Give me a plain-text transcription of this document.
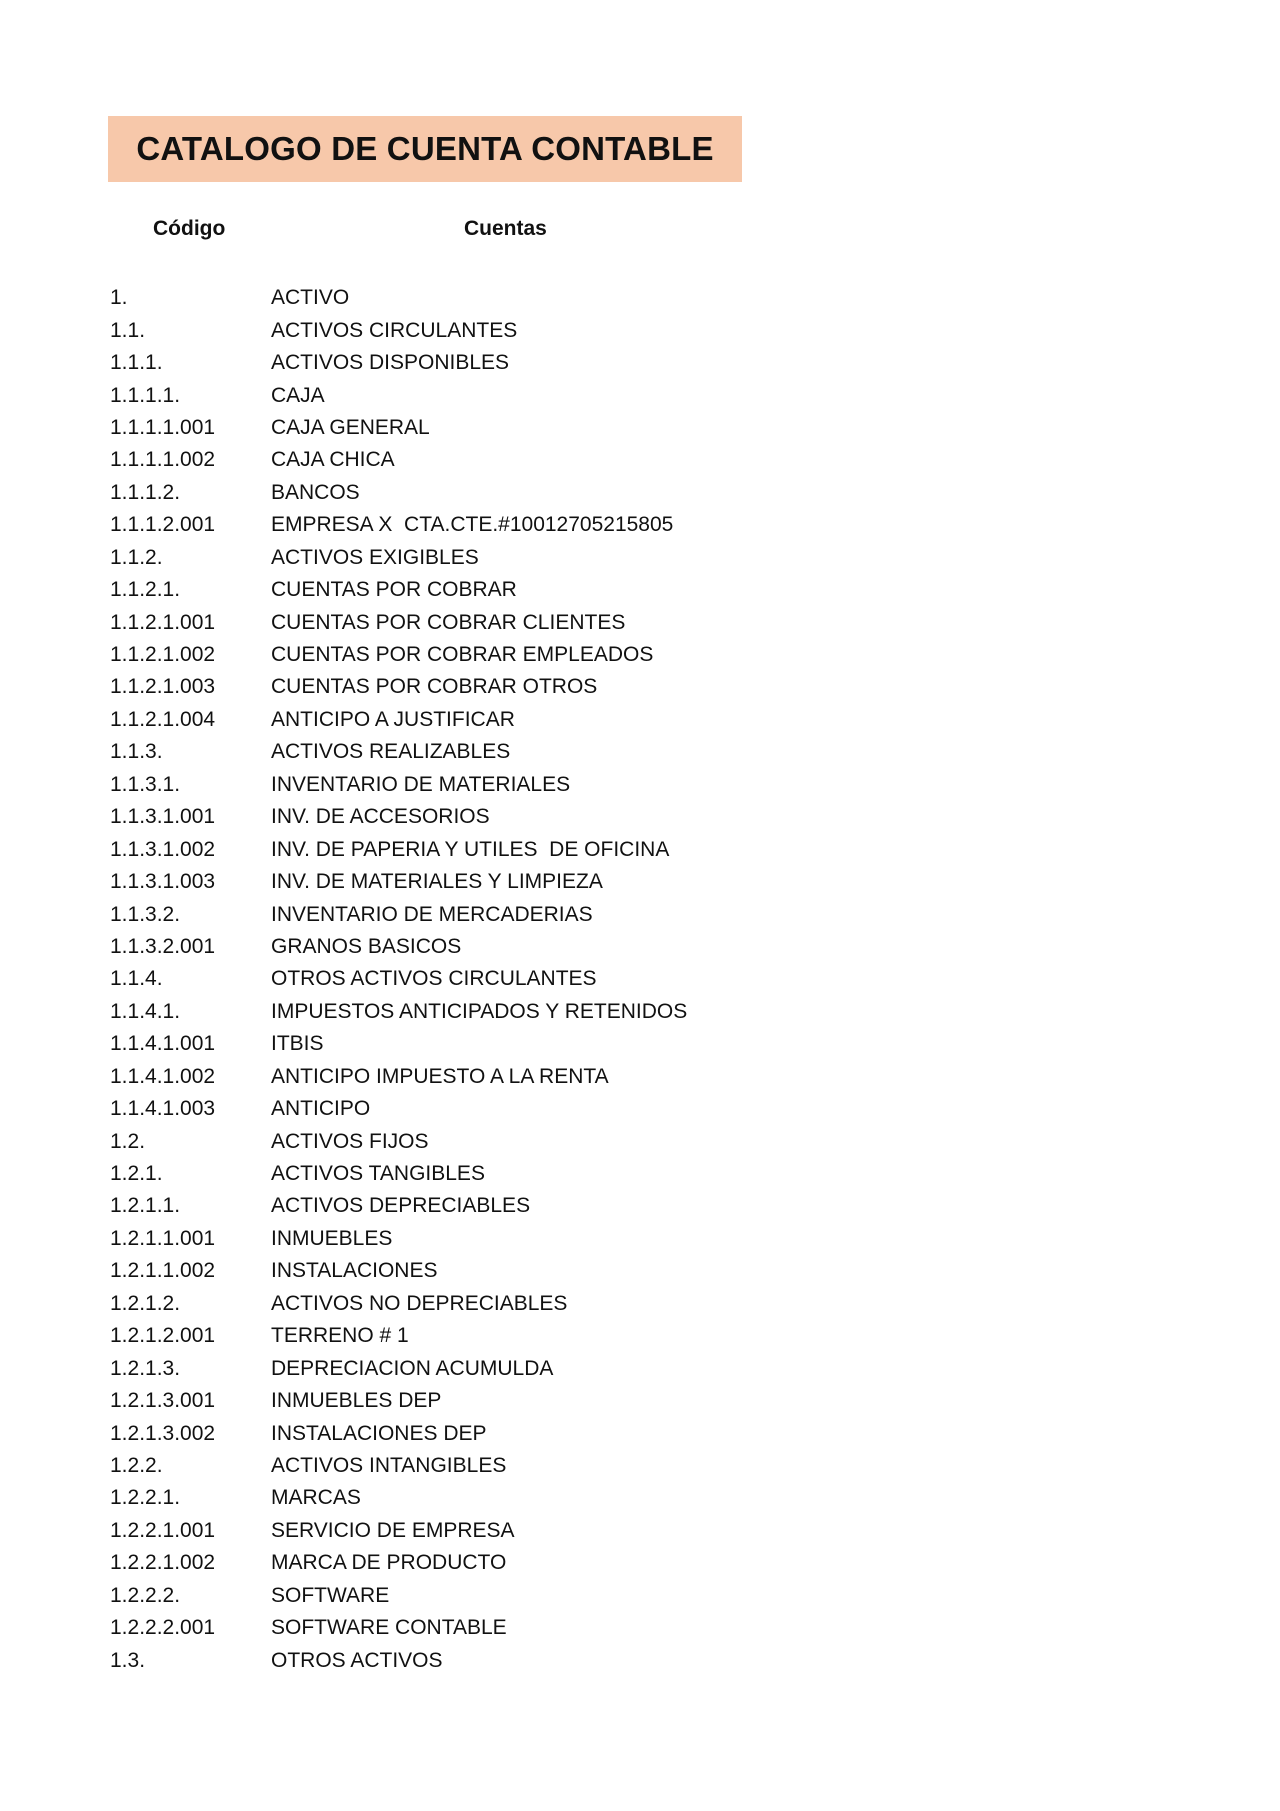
CATALOGO DE CUENTA CONTABLE
Código	Cuentas
1.	ACTIVO
1.1.	ACTIVOS CIRCULANTES
1.1.1.	ACTIVOS DISPONIBLES
1.1.1.1.	CAJA
1.1.1.1.001	CAJA GENERAL
1.1.1.1.002	CAJA CHICA
1.1.1.2.	BANCOS
1.1.1.2.001	EMPRESA X  CTA.CTE.#10012705215805
1.1.2.	ACTIVOS EXIGIBLES
1.1.2.1.	CUENTAS POR COBRAR
1.1.2.1.001	CUENTAS POR COBRAR CLIENTES
1.1.2.1.002	CUENTAS POR COBRAR EMPLEADOS
1.1.2.1.003	CUENTAS POR COBRAR OTROS
1.1.2.1.004	ANTICIPO A JUSTIFICAR
1.1.3.	ACTIVOS REALIZABLES
1.1.3.1.	INVENTARIO DE MATERIALES
1.1.3.1.001	INV. DE ACCESORIOS
1.1.3.1.002	INV. DE PAPERIA Y UTILES  DE OFICINA
1.1.3.1.003	INV. DE MATERIALES Y LIMPIEZA
1.1.3.2.	INVENTARIO DE MERCADERIAS
1.1.3.2.001	GRANOS BASICOS
1.1.4.	OTROS ACTIVOS CIRCULANTES
1.1.4.1.	IMPUESTOS ANTICIPADOS Y RETENIDOS
1.1.4.1.001	ITBIS
1.1.4.1.002	ANTICIPO IMPUESTO A LA RENTA
1.1.4.1.003	ANTICIPO
1.2.	ACTIVOS FIJOS
1.2.1.	ACTIVOS TANGIBLES
1.2.1.1.	ACTIVOS DEPRECIABLES
1.2.1.1.001	INMUEBLES
1.2.1.1.002	INSTALACIONES
1.2.1.2.	ACTIVOS NO DEPRECIABLES
1.2.1.2.001	TERRENO # 1
1.2.1.3.	DEPRECIACION ACUMULDA
1.2.1.3.001	INMUEBLES DEP
1.2.1.3.002	INSTALACIONES DEP
1.2.2.	ACTIVOS INTANGIBLES
1.2.2.1.	MARCAS
1.2.2.1.001	SERVICIO DE EMPRESA
1.2.2.1.002	MARCA DE PRODUCTO
1.2.2.2.	SOFTWARE
1.2.2.2.001	SOFTWARE CONTABLE
1.3.	OTROS ACTIVOS
